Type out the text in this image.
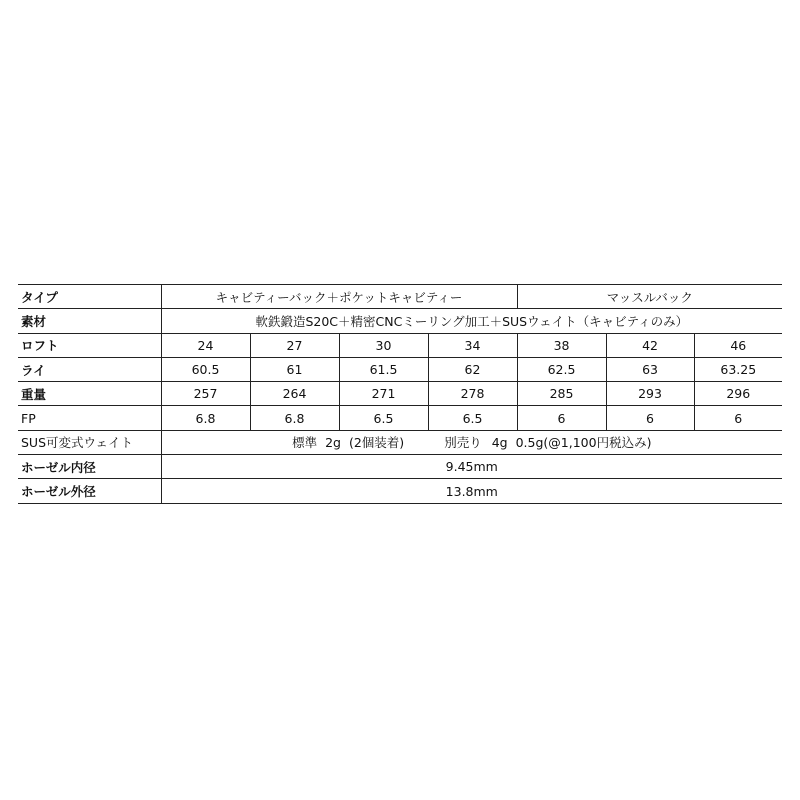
タイプ	キャビティーバック＋ポケットキャビティー				マッスルバック		
素材	軟鉄鍛造S20C＋精密CNCミーリング加工＋SUSウェイト（キャビティのみ）						
ロフト	24	27	30	34	38	42	46
ライ	60.5	61	61.5	62	62.5	63	63.25
重量	257	264	271	278	285	293	296
FP	6.8	6.8	6.5	6.5	6	6	6
SUS可変式ウェイト	標準 2g (2個装着) 別売り 4g 0.5g(@1,100円税込み)						
ホーゼル内径	9.45mm						
ホーゼル外径	13.8mm						
